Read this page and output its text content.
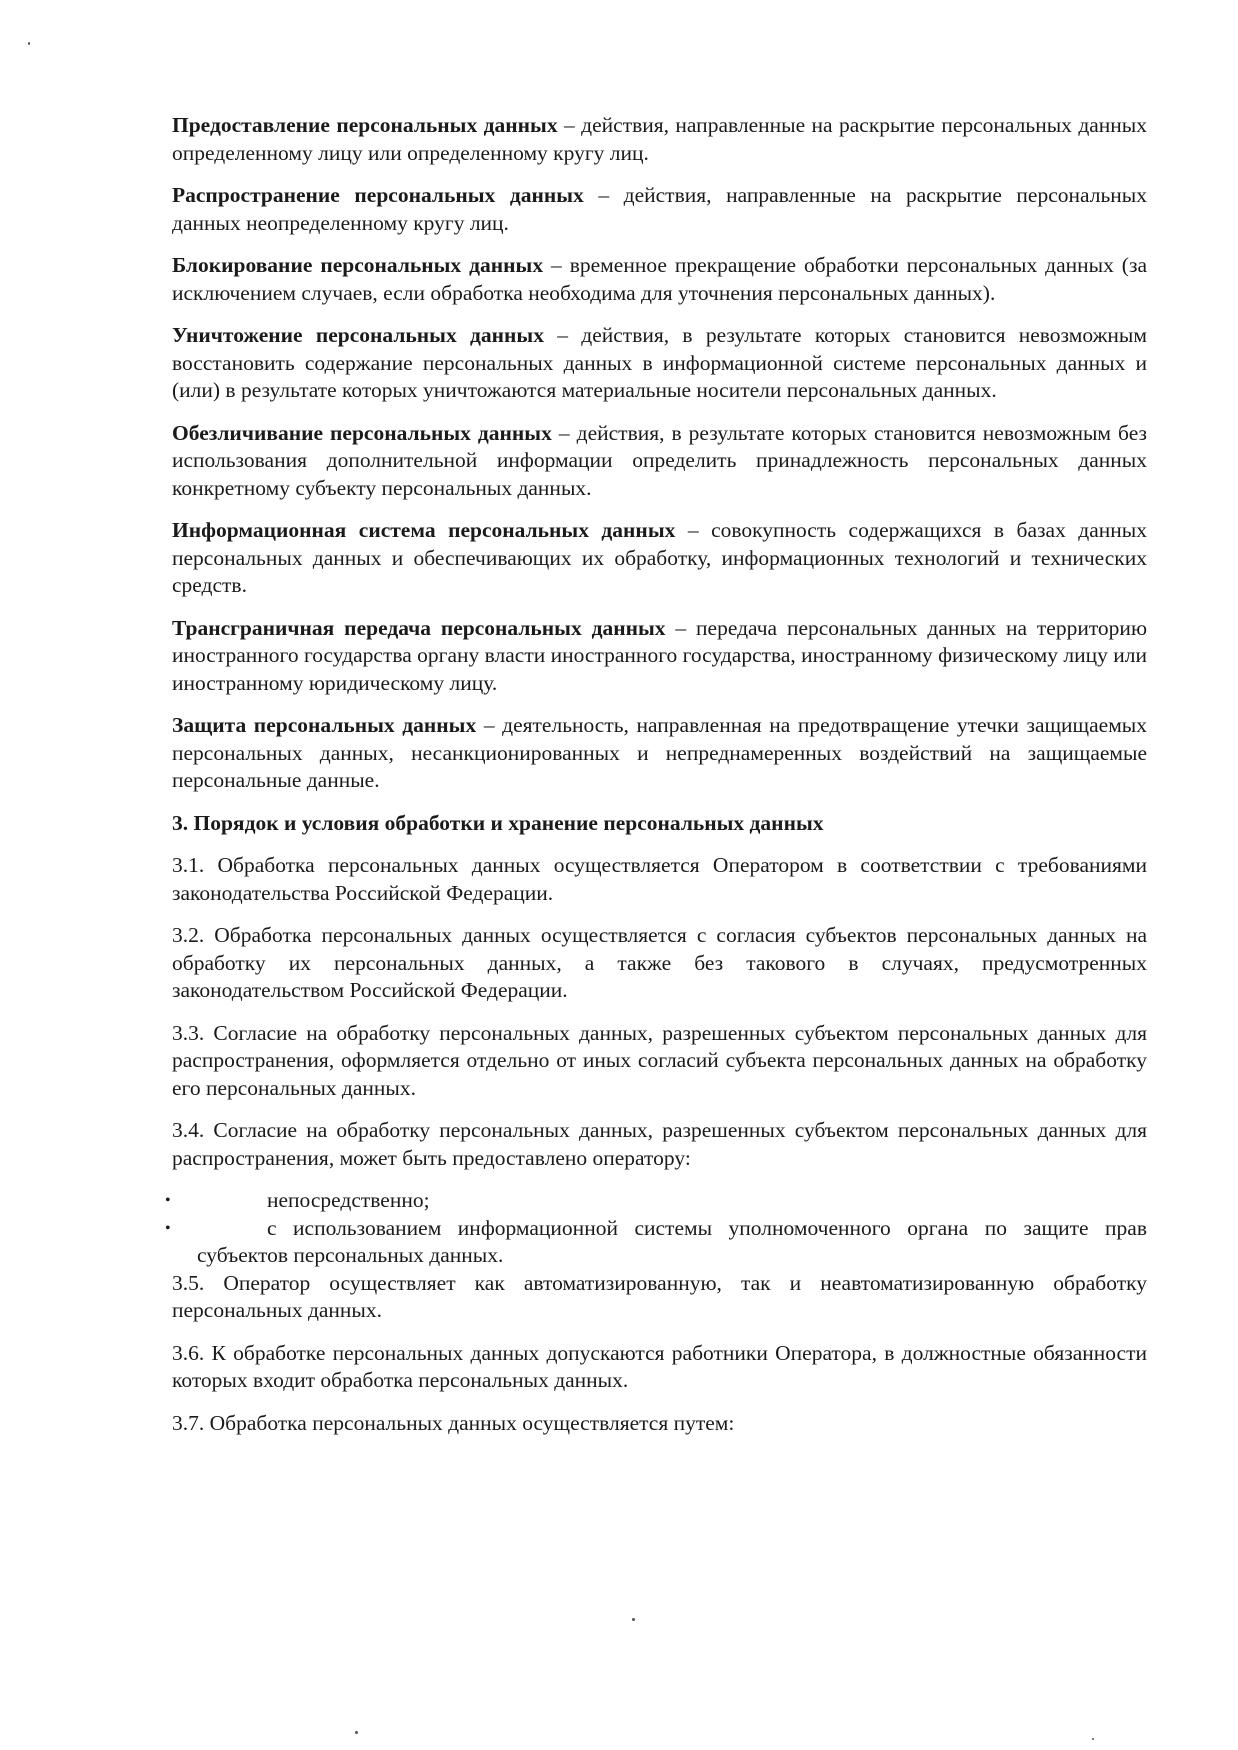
Предоставление персональных данных – действия, направленные на раскрытие персональных данных определенному лицу или определенному кругу лиц.

Распространение персональных данных – действия, направленные на раскрытие персональных данных неопределенному кругу лиц.

Блокирование персональных данных – временное прекращение обработки персональных данных (за исключением случаев, если обработка необходима для уточнения персональных данных).

Уничтожение персональных данных – действия, в результате которых становится невозможным восстановить содержание персональных данных в информационной системе персональных данных и (или) в результате которых уничтожаются материальные носители персональных данных.

Обезличивание персональных данных – действия, в результате которых становится невозможным без использования дополнительной информации определить принадлежность персональных данных конкретному субъекту персональных данных.

Информационная система персональных данных – совокупность содержащихся в базах данных персональных данных и обеспечивающих их обработку, информационных технологий и технических средств.

Трансграничная передача персональных данных – передача персональных данных на территорию иностранного государства органу власти иностранного государства, иностранному физическому лицу или иностранному юридическому лицу.

Защита персональных данных – деятельность, направленная на предотвращение утечки защищаемых персональных данных, несанкционированных и непреднамеренных воздействий на защищаемые персональные данные.

3. Порядок и условия обработки и хранение персональных данных

3.1. Обработка персональных данных осуществляется Оператором в соответствии с требованиями законодательства Российской Федерации.

3.2. Обработка персональных данных осуществляется с согласия субъектов персональных данных на обработку их персональных данных, а также без такового в случаях, предусмотренных законодательством Российской Федерации.

3.3. Согласие на обработку персональных данных, разрешенных субъектом персональных данных для распространения, оформляется отдельно от иных согласий субъекта персональных данных на обработку его персональных данных.

3.4. Согласие на обработку персональных данных, разрешенных субъектом персональных данных для распространения, может быть предоставлено оператору:

•	непосредственно;
•	с использованием информационной системы уполномоченного органа по защите прав субъектов персональных данных.

3.5. Оператор осуществляет как автоматизированную, так и неавтоматизированную обработку персональных данных.

3.6. К обработке персональных данных допускаются работники Оператора, в должностные обязанности которых входит обработка персональных данных.

3.7. Обработка персональных данных осуществляется путем:
